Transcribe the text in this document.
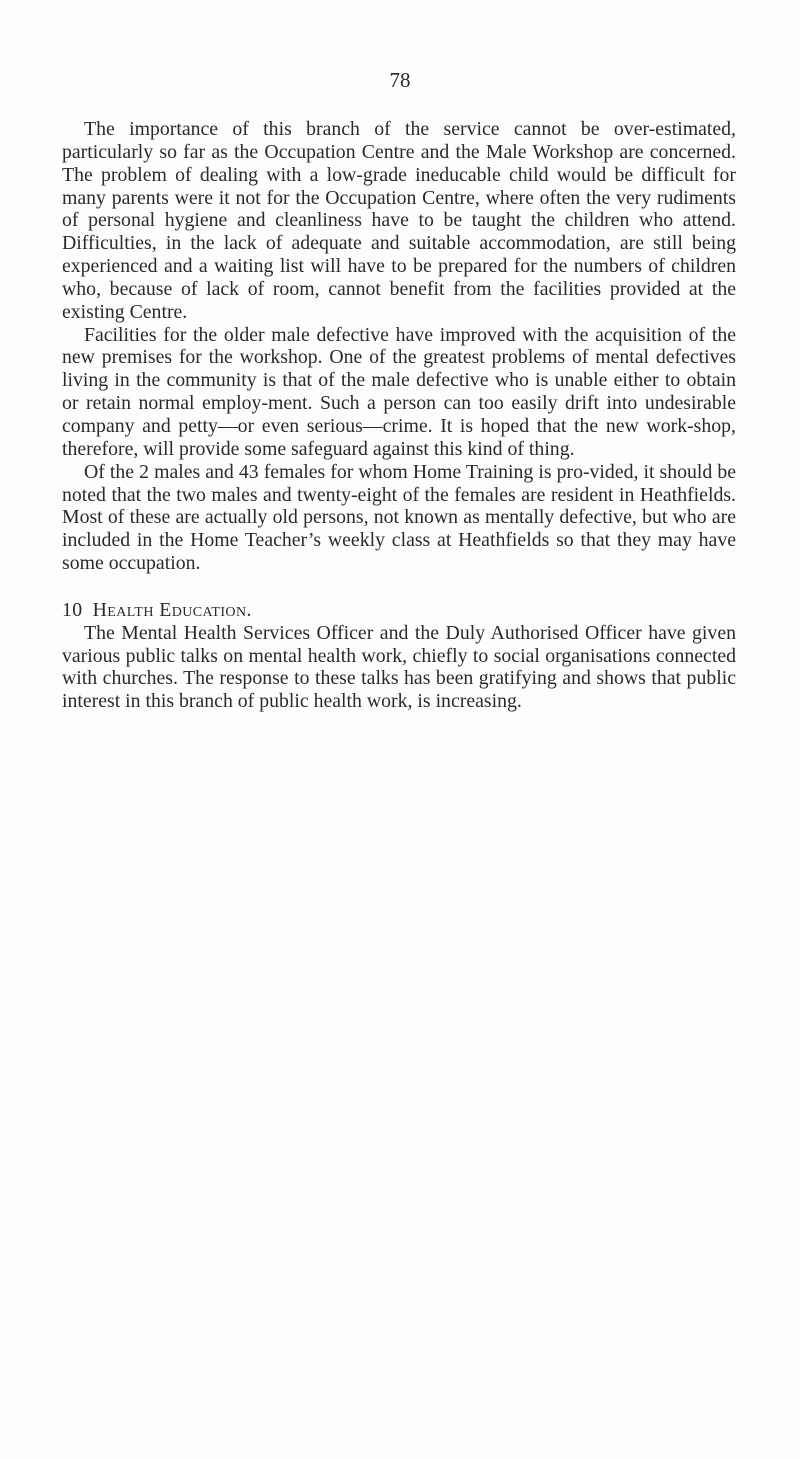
78

The importance of this branch of the service cannot be over-estimated, particularly so far as the Occupation Centre and the Male Workshop are concerned. The problem of dealing with a low-grade ineducable child would be difficult for many parents were it not for the Occupation Centre, where often the very rudiments of personal hygiene and cleanliness have to be taught the children who attend. Difficulties, in the lack of adequate and suitable accommodation, are still being experienced and a waiting list will have to be prepared for the numbers of children who, because of lack of room, cannot benefit from the facilities provided at the existing Centre.

Facilities for the older male defective have improved with the acquisition of the new premises for the workshop. One of the greatest problems of mental defectives living in the community is that of the male defective who is unable either to obtain or retain normal employ-ment. Such a person can too easily drift into undesirable company and petty—or even serious—crime. It is hoped that the new work-shop, therefore, will provide some safeguard against this kind of thing.

Of the 2 males and 43 females for whom Home Training is pro-vided, it should be noted that the two males and twenty-eight of the females are resident in Heathfields. Most of these are actually old persons, not known as mentally defective, but who are included in the Home Teacher’s weekly class at Heathfields so that they may have some occupation.

10 Health Education.

The Mental Health Services Officer and the Duly Authorised Officer have given various public talks on mental health work, chiefly to social organisations connected with churches. The response to these talks has been gratifying and shows that public interest in this branch of public health work, is increasing.
